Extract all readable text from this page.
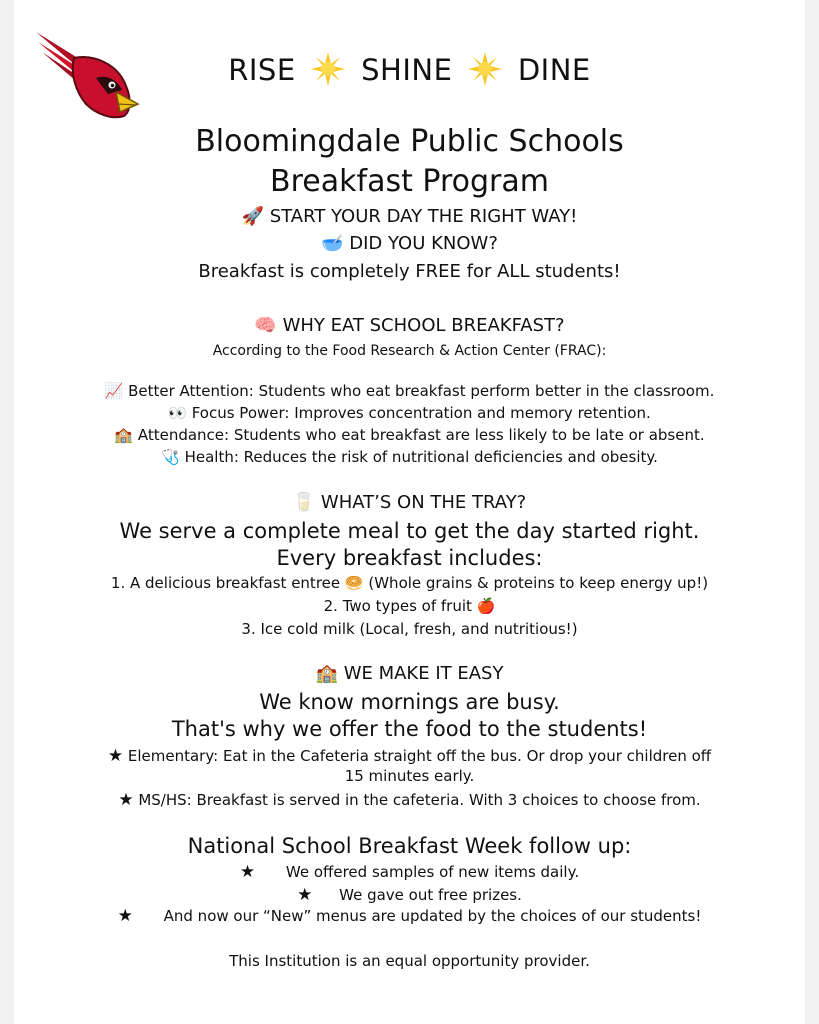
RISE SHINE DINE
Bloomingdale Public Schools
Breakfast Program
🚀 START YOUR DAY THE RIGHT WAY!
🥣 DID YOU KNOW?
Breakfast is completely FREE for ALL students!
🧠 WHY EAT SCHOOL BREAKFAST?
According to the Food Research & Action Center (FRAC):
📈 Better Attention: Students who eat breakfast perform better in the classroom.
👀 Focus Power: Improves concentration and memory retention.
🏫 Attendance: Students who eat breakfast are less likely to be late or absent.
🩺 Health: Reduces the risk of nutritional deficiencies and obesity.
🥛 WHAT’S ON THE TRAY?
We serve a complete meal to get the day started right.
Every breakfast includes:
1. A delicious breakfast entree 🥯 (Whole grains & proteins to keep energy up!)
2. Two types of fruit 🍎
3. Ice cold milk (Local, fresh, and nutritious!)
🏫 WE MAKE IT EASY
We know mornings are busy.
That's why we offer the food to the students!
★ Elementary: Eat in the Cafeteria straight off the bus. Or drop your children off
15 minutes early.
★ MS/HS: Breakfast is served in the cafeteria. With 3 choices to choose from.
National School Breakfast Week follow up:
★ We offered samples of new items daily.
★ We gave out free prizes.
★ And now our “New” menus are updated by the choices of our students!
This Institution is an equal opportunity provider.
